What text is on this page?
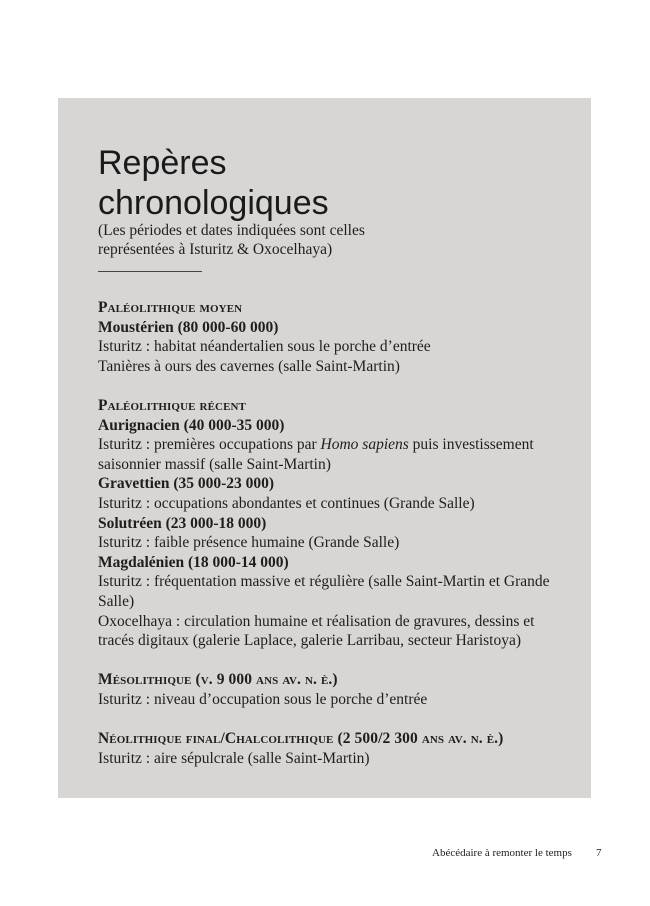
Repères
chronologiques
(Les périodes et dates indiquées sont celles
représentées à Isturitz & Oxocelhaya)
Paléolithique moyen
Moustérien (80 000-60 000)
Isturitz : habitat néandertalien sous le porche d’entrée
Tanières à ours des cavernes (salle Saint-Martin)
Paléolithique récent
Aurignacien (40 000-35 000)
Isturitz : premières occupations par Homo sapiens puis investissement
saisonnier massif (salle Saint-Martin)
Gravettien (35 000-23 000)
Isturitz : occupations abondantes et continues (Grande Salle)
Solutréen (23 000-18 000)
Isturitz : faible présence humaine (Grande Salle)
Magdalénien (18 000-14 000)
Isturitz : fréquentation massive et régulière (salle Saint-Martin et Grande
Salle)
Oxocelhaya : circulation humaine et réalisation de gravures, dessins et
tracés digitaux (galerie Laplace, galerie Larribau, secteur Haristoya)
Mésolithique (v. 9 000 ans av. n. è.)
Isturitz : niveau d’occupation sous le porche d’entrée
Néolithique final/Chalcolithique (2 500/2 300 ans av. n. è.)
Isturitz : aire sépulcrale (salle Saint-Martin)
Abécédaire à remonter le temps 7
